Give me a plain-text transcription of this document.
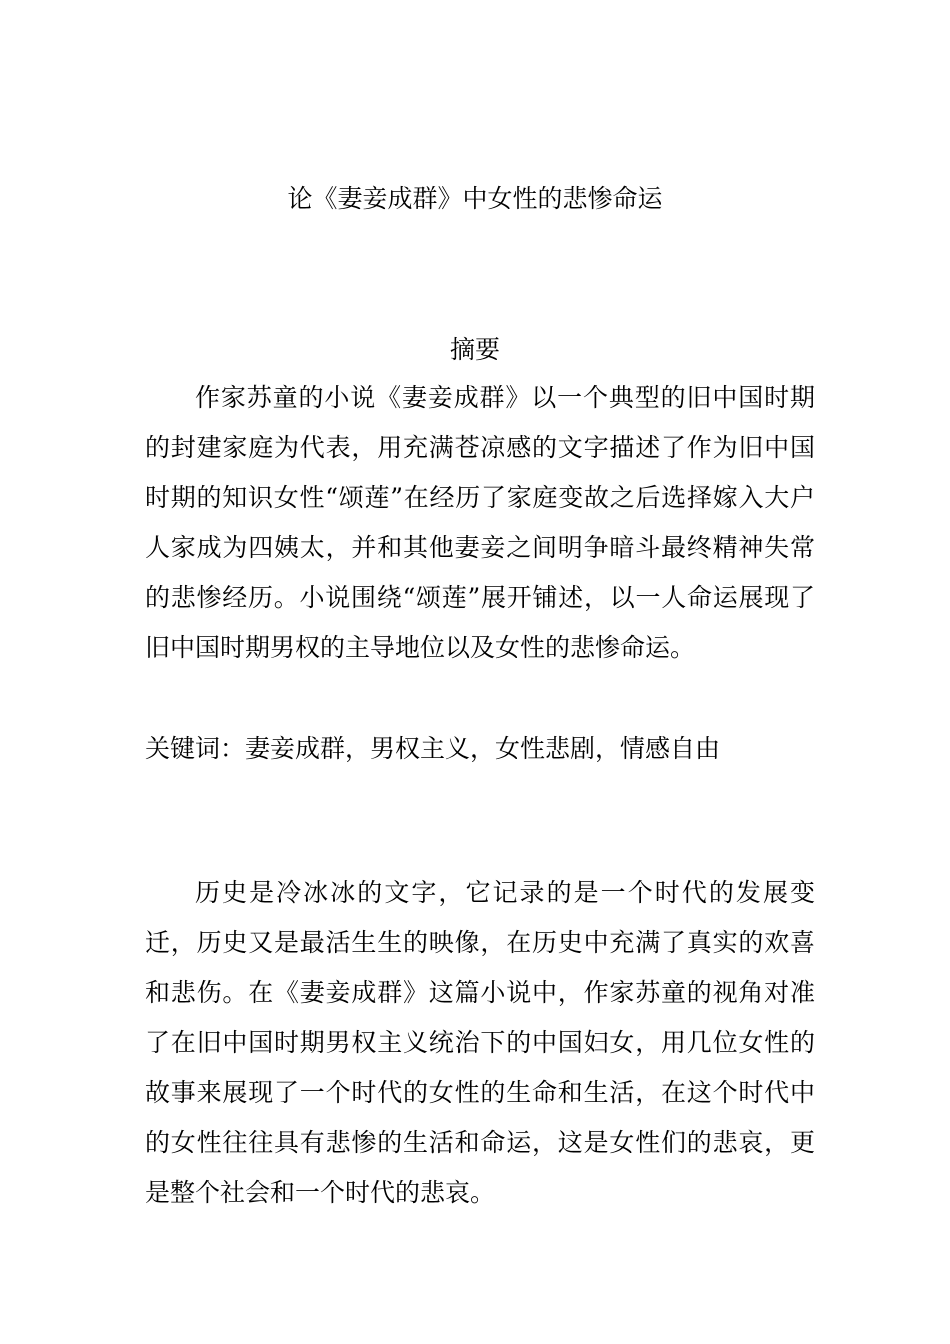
论《妻妾成群》中女性的悲惨命运
摘要

作家苏童的小说《妻妾成群》以一个典型的旧中国时期的封建家庭为代表，用充满苍凉感的文字描述了作为旧中国时期的知识女性“颂莲”在经历了家庭变故之后选择嫁入大户人家成为四姨太，并和其他妻妾之间明争暗斗最终精神失常的悲惨经历。小说围绕“颂莲”展开铺述，以一人命运展现了旧中国时期男权的主导地位以及女性的悲惨命运。

关键词：妻妾成群，男权主义，女性悲剧，情感自由

历史是冷冰冰的文字，它记录的是一个时代的发展变迁，历史又是最活生生的映像，在历史中充满了真实的欢喜和悲伤。在《妻妾成群》这篇小说中，作家苏童的视角对准了在旧中国时期男权主义统治下的中国妇女，用几位女性的故事来展现了一个时代的女性的生命和生活，在这个时代中的女性往往具有悲惨的生活和命运，这是女性们的悲哀，更是整个社会和一个时代的悲哀。
